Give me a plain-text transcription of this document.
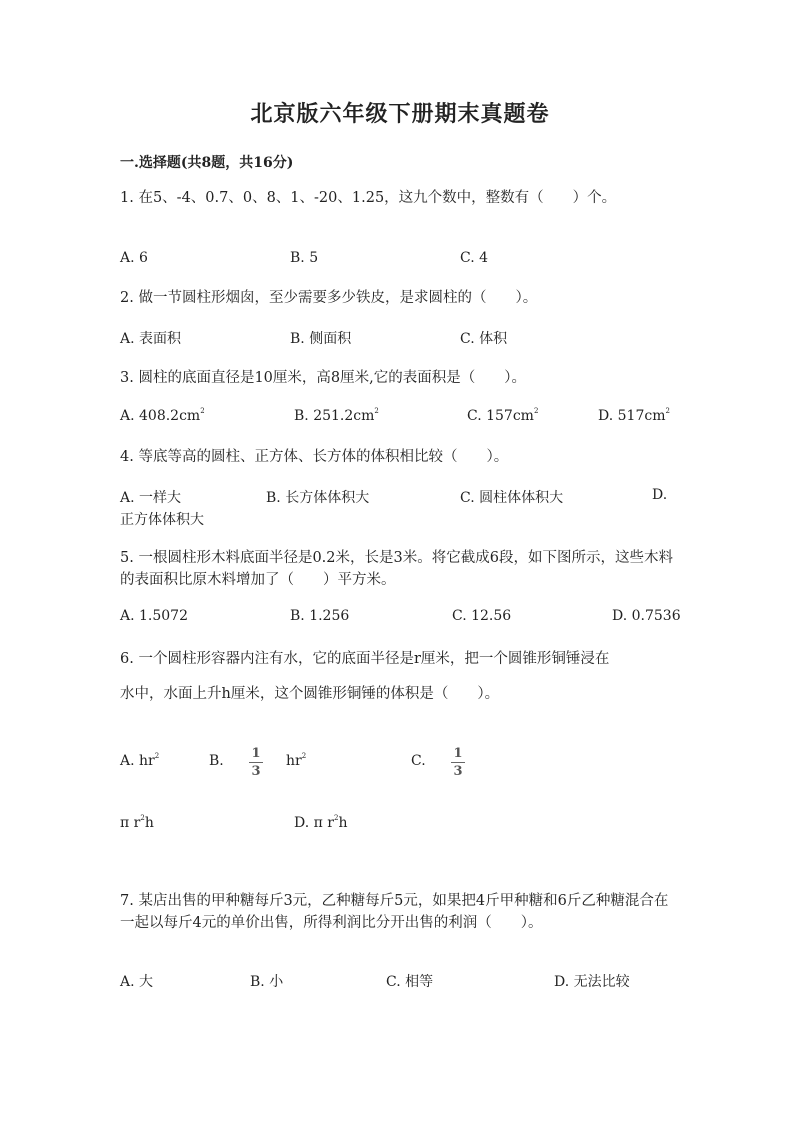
北京版六年级下册期末真题卷
一.选择题(共8题，共16分)
1. 在5、-4、0.7、0、8、1、-20、1.25，这九个数中，整数有（　　）个。
A. 6	B. 5	C. 4
2. 做一节圆柱形烟囱，至少需要多少铁皮，是求圆柱的（　　）。
A. 表面积	B. 侧面积	C. 体积
3. 圆柱的底面直径是10厘米，高8厘米,它的表面积是（　　）。
A. $408.2cm^2$	B. $251.2cm^2$	C. $157cm^2$	D. $517cm^2$
4. 等底等高的圆柱、正方体、长方体的体积相比较（　　）。
A. 一样大	B. 长方体体积大	C. 圆柱体体积大	D.
正方体体积大
5. 一根圆柱形木料底面半径是0.2米，长是3米。将它截成6段，如下图所示，这些木料的表面积比原木料增加了（　　）平方米。
A. 1.5072	B. 1.256	C. 12.56	D. 0.7536
6. 一个圆柱形容器内注有水，它的底面半径是r厘米，把一个圆锥形铜锤浸在
水中，水面上升h厘米，这个圆锥形铜锤的体积是（　　）。
A. $hr^2$	B. 1
3
$hr^2$	C. 1
3
π $r^2h$	D. π $r^2h$
7. 某店出售的甲种糖每斤3元，乙种糖每斤5元，如果把4斤甲种糖和6斤乙种糖混合在一起以每斤4元的单价出售，所得利润比分开出售的利润（　　）。
A. 大	B. 小	C. 相等	D. 无法比较
